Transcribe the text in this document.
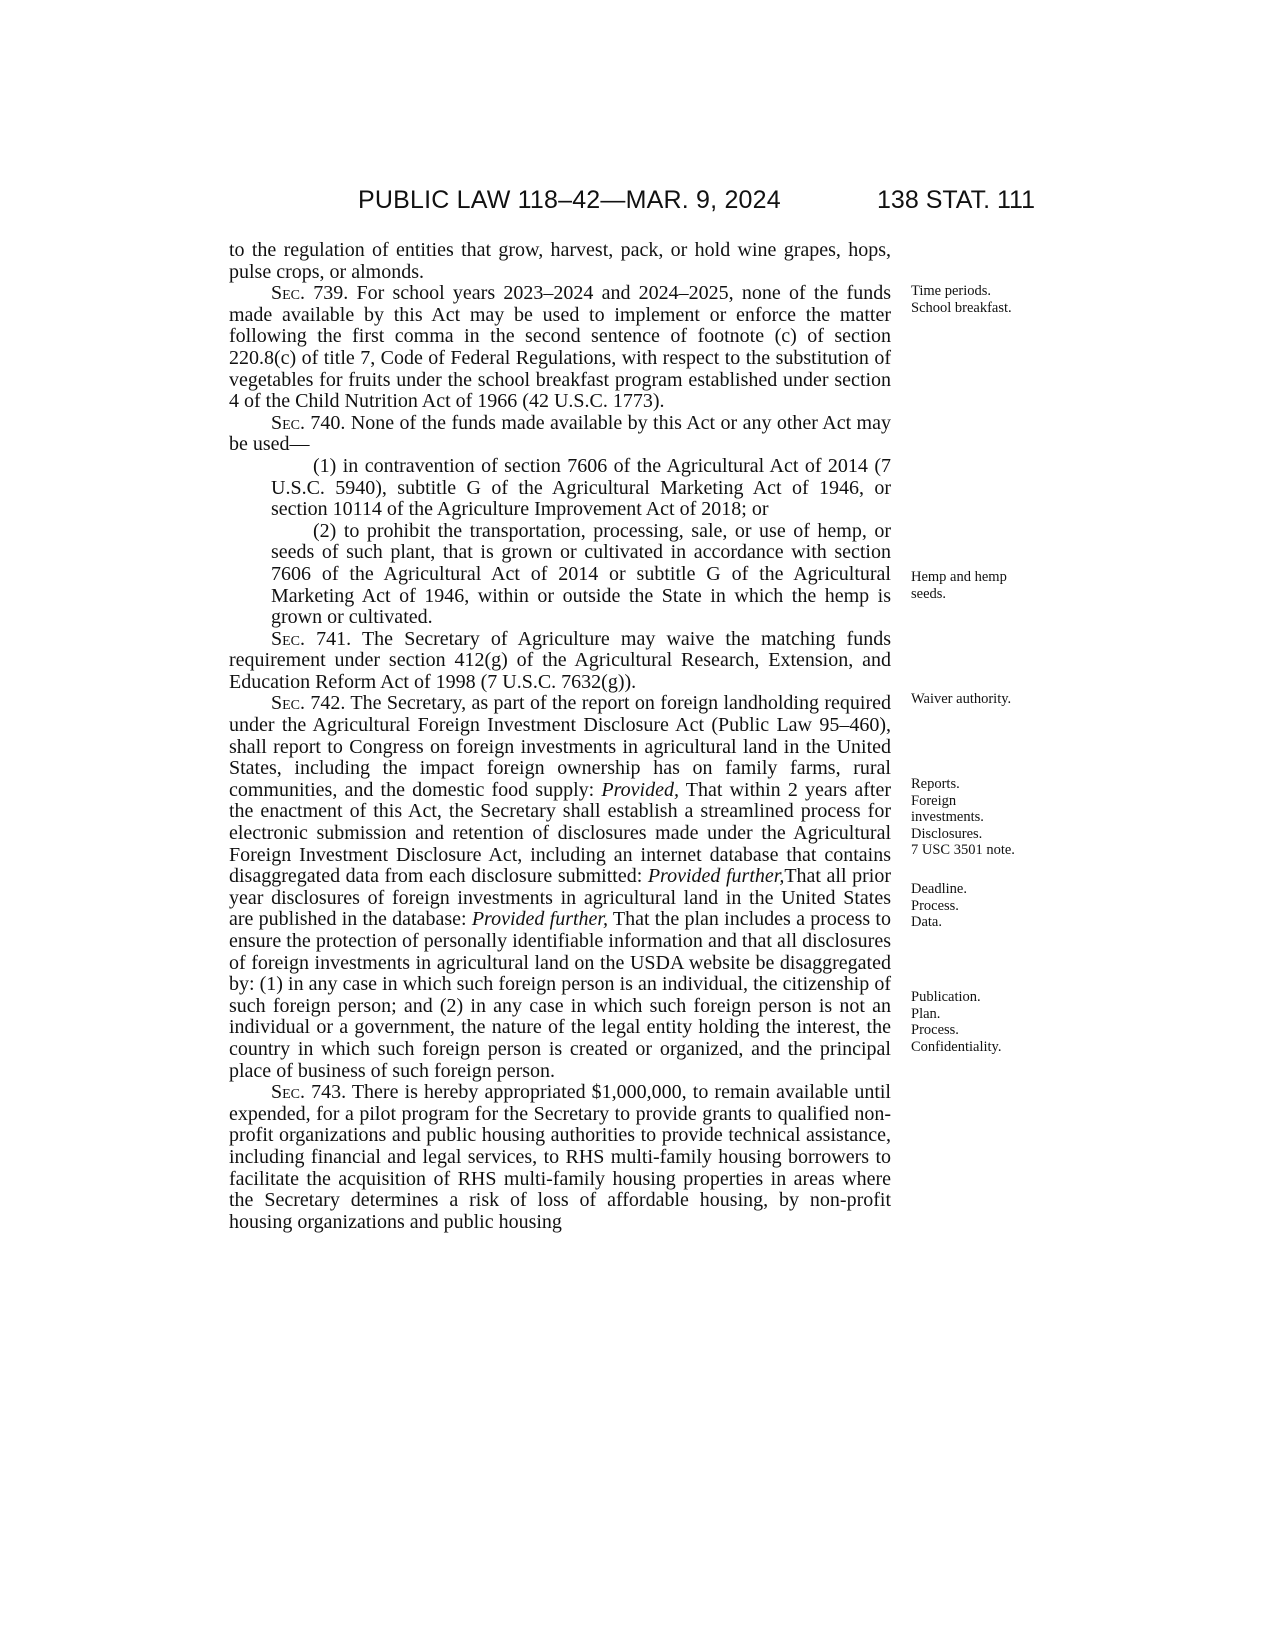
PUBLIC LAW 118–42—MAR. 9, 2024	138 STAT. 111

to the regulation of entities that grow, harvest, pack, or hold wine grapes, hops, pulse crops, or almonds.

Sec. 739. For school years 2023–2024 and 2024–2025, none of the funds made available by this Act may be used to implement or enforce the matter following the first comma in the second sentence of footnote (c) of section 220.8(c) of title 7, Code of Federal Regulations, with respect to the substitution of vegetables for fruits under the school breakfast program established under section 4 of the Child Nutrition Act of 1966 (42 U.S.C. 1773).

Sec. 740. None of the funds made available by this Act or any other Act may be used—

(1) in contravention of section 7606 of the Agricultural Act of 2014 (7 U.S.C. 5940), subtitle G of the Agricultural Marketing Act of 1946, or section 10114 of the Agriculture Improvement Act of 2018; or

(2) to prohibit the transportation, processing, sale, or use of hemp, or seeds of such plant, that is grown or cultivated in accordance with section 7606 of the Agricultural Act of 2014 or subtitle G of the Agricultural Marketing Act of 1946, within or outside the State in which the hemp is grown or cultivated.

Sec. 741. The Secretary of Agriculture may waive the matching funds requirement under section 412(g) of the Agricultural Research, Extension, and Education Reform Act of 1998 (7 U.S.C. 7632(g)).

Sec. 742. The Secretary, as part of the report on foreign landholding required under the Agricultural Foreign Investment Disclosure Act (Public Law 95–460), shall report to Congress on foreign investments in agricultural land in the United States, including the impact foreign ownership has on family farms, rural communities, and the domestic food supply: Provided, That within 2 years after the enactment of this Act, the Secretary shall establish a streamlined process for electronic submission and retention of disclosures made under the Agricultural Foreign Investment Disclosure Act, including an internet database that contains disaggregated data from each disclosure submitted: Provided further,That all prior year disclosures of foreign investments in agricultural land in the United States are published in the database: Provided further, That the plan includes a process to ensure the protection of personally identifiable information and that all disclosures of foreign investments in agricultural land on the USDA website be disaggregated by: (1) in any case in which such foreign person is an individual, the citizenship of such foreign person; and (2) in any case in which such foreign person is not an individual or a government, the nature of the legal entity holding the interest, the country in which such foreign person is created or organized, and the principal place of business of such foreign person.

Sec. 743. There is hereby appropriated $1,000,000, to remain available until expended, for a pilot program for the Secretary to provide grants to qualified non-profit organizations and public housing authorities to provide technical assistance, including financial and legal services, to RHS multi-family housing borrowers to facilitate the acquisition of RHS multi-family housing properties in areas where the Secretary determines a risk of loss of affordable housing, by non-profit housing organizations and public housing

Time periods.
School breakfast.
Hemp and hemp
seeds.
Waiver authority.
Reports.
Foreign
investments.
Disclosures.
7 USC 3501 note.
Deadline.
Process.
Data.
Publication.
Plan.
Process.
Confidentiality.
